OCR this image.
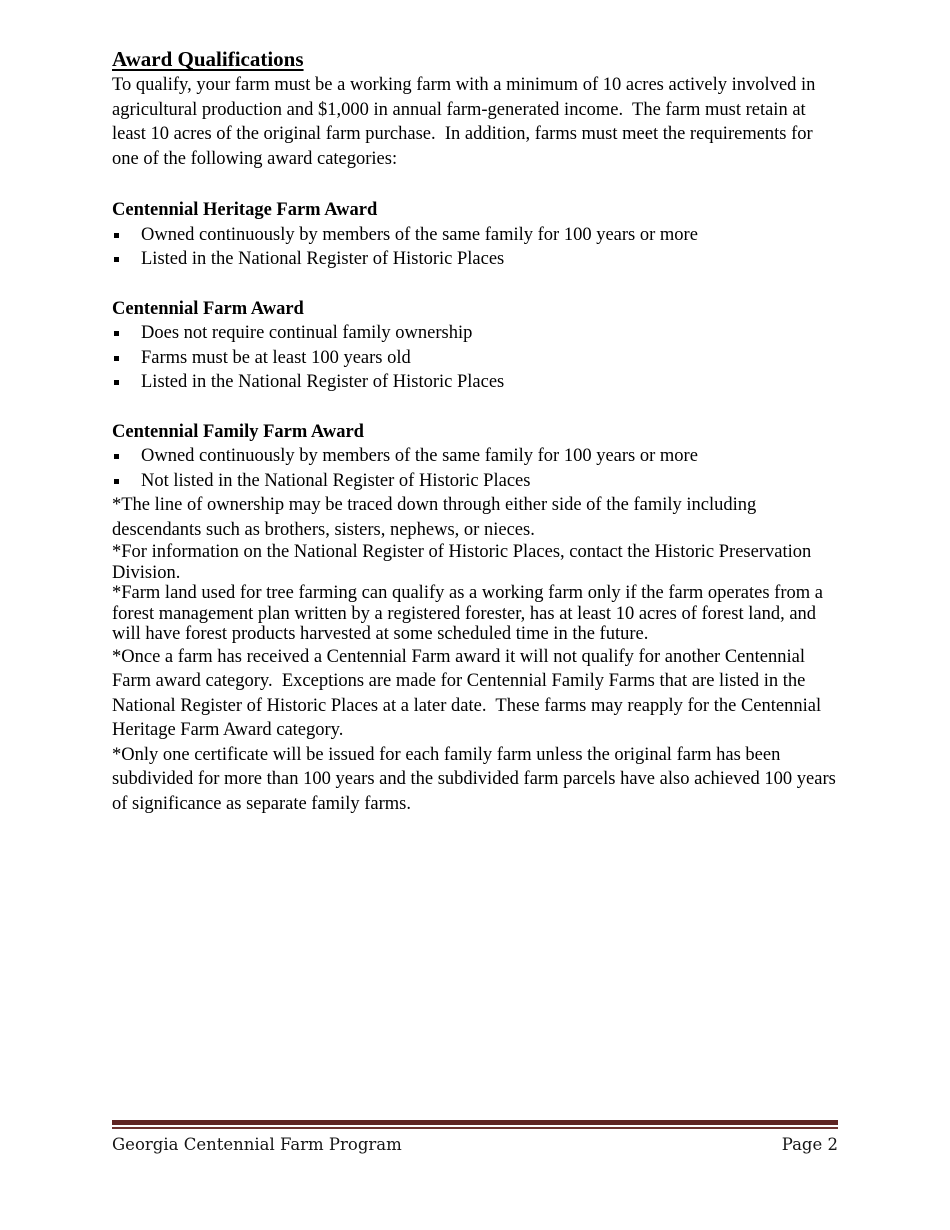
Award Qualifications

To qualify, your farm must be a working farm with a minimum of 10 acres actively involved in agricultural production and $1,000 in annual farm-generated income.  The farm must retain at least 10 acres of the original farm purchase.  In addition, farms must meet the requirements for one of the following award categories:

Centennial Heritage Farm Award
Owned continuously by members of the same family for 100 years or more
Listed in the National Register of Historic Places
Centennial Farm Award
Does not require continual family ownership
Farms must be at least 100 years old
Listed in the National Register of Historic Places
Centennial Family Farm Award
Owned continuously by members of the same family for 100 years or more
Not listed in the National Register of Historic Places

*The line of ownership may be traced down through either side of the family including descendants such as brothers, sisters, nephews, or nieces.

*For information on the National Register of Historic Places, contact the Historic Preservation Division.

*Farm land used for tree farming can qualify as a working farm only if the farm operates from a forest management plan written by a registered forester, has at least 10 acres of forest land, and will have forest products harvested at some scheduled time in the future.

*Once a farm has received a Centennial Farm award it will not qualify for another Centennial Farm award category.  Exceptions are made for Centennial Family Farms that are listed in the National Register of Historic Places at a later date.  These farms may reapply for the Centennial Heritage Farm Award category.

*Only one certificate will be issued for each family farm unless the original farm has been subdivided for more than 100 years and the subdivided farm parcels have also achieved 100 years of significance as separate family farms.

Georgia Centennial Farm Program	Page 2
